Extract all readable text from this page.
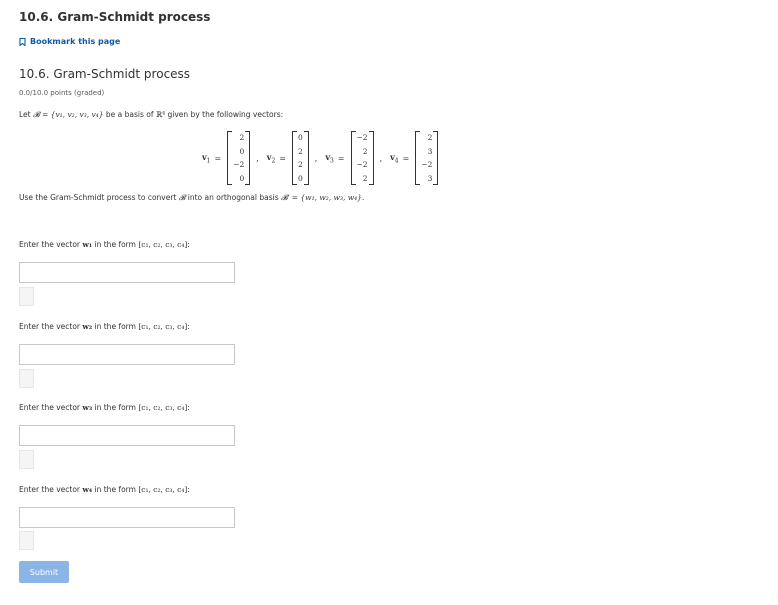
10.6. Gram-Schmidt process
Bookmark this page
10.6. Gram-Schmidt process
0.0/10.0 points (graded)
Let 𝓑 = {v₁, v₂, v₃, v₄} be a basis of ℝ⁴ given by the following vectors:
$v_1$ =
2
0
−2
0
, $v_2$ =
0
2
2
0
, $v_3$ =
−2
2
−2
2
, $v_4$ =
2
3
−2
3
Use the Gram-Schmidt process to convert 𝓑 into an orthogonal basis 𝓑′ = {w₁, w₂, w₃, w₄}.
Enter the vector w₁ in the form [c₁, c₂, c₃, c₄]:
Enter the vector w₂ in the form [c₁, c₂, c₃, c₄]:
Enter the vector w₃ in the form [c₁, c₂, c₃, c₄]:
Enter the vector w₄ in the form [c₁, c₂, c₃, c₄]:
Submit
